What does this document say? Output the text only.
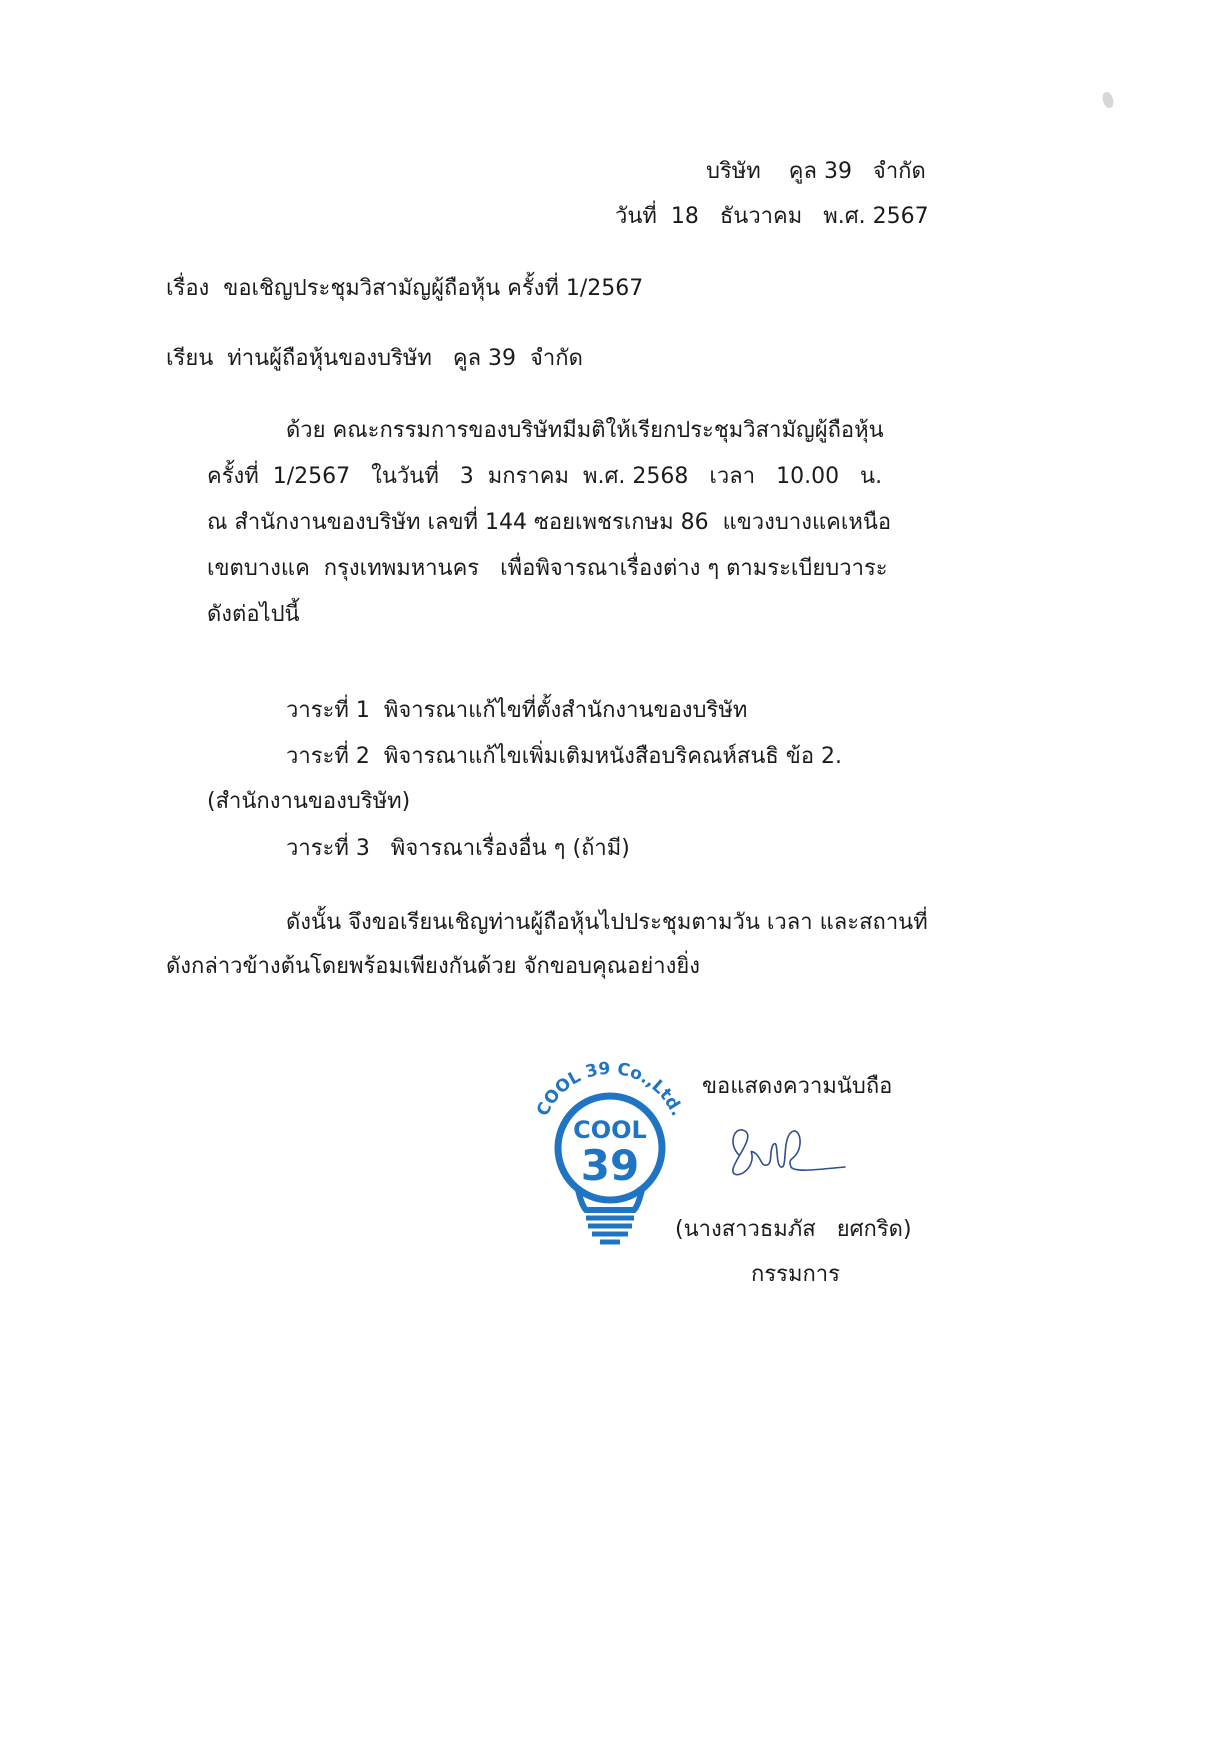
บริษัท    คูล 39   จำกัด
วันที่  18   ธันวาคม   พ.ศ. 2567
เรื่อง  ขอเชิญประชุมวิสามัญผู้ถือหุ้น ครั้งที่ 1/2567
เรียน  ท่านผู้ถือหุ้นของบริษัท   คูล 39  จำกัด
ด้วย คณะกรรมการของบริษัทมีมติให้เรียกประชุมวิสามัญผู้ถือหุ้น
ครั้งที่  1/2567   ในวันที่   3  มกราคม  พ.ศ. 2568   เวลา   10.00   น.
ณ สำนักงานของบริษัท เลขที่ 144 ซอยเพชรเกษม 86  แขวงบางแคเหนือ
เขตบางแค  กรุงเทพมหานคร   เพื่อพิจารณาเรื่องต่าง ๆ ตามระเบียบวาระ
ดังต่อไปนี้
วาระที่ 1  พิจารณาแก้ไขที่ตั้งสำนักงานของบริษัท
วาระที่ 2  พิจารณาแก้ไขเพิ่มเติมหนังสือบริคณห์สนธิ ข้อ 2.
(สำนักงานของบริษัท)
วาระที่ 3   พิจารณาเรื่องอื่น ๆ (ถ้ามี)
ดังนั้น จึงขอเรียนเชิญท่านผู้ถือหุ้นไปประชุมตามวัน เวลา และสถานที่
ดังกล่าวข้างต้นโดยพร้อมเพียงกันด้วย จักขอบคุณอย่างยิ่ง
COOL 39 Co.,Ltd.
COOL
39
ขอแสดงความนับถือ
(นางสาวธมภัส   ยศกริด)
กรรมการ
